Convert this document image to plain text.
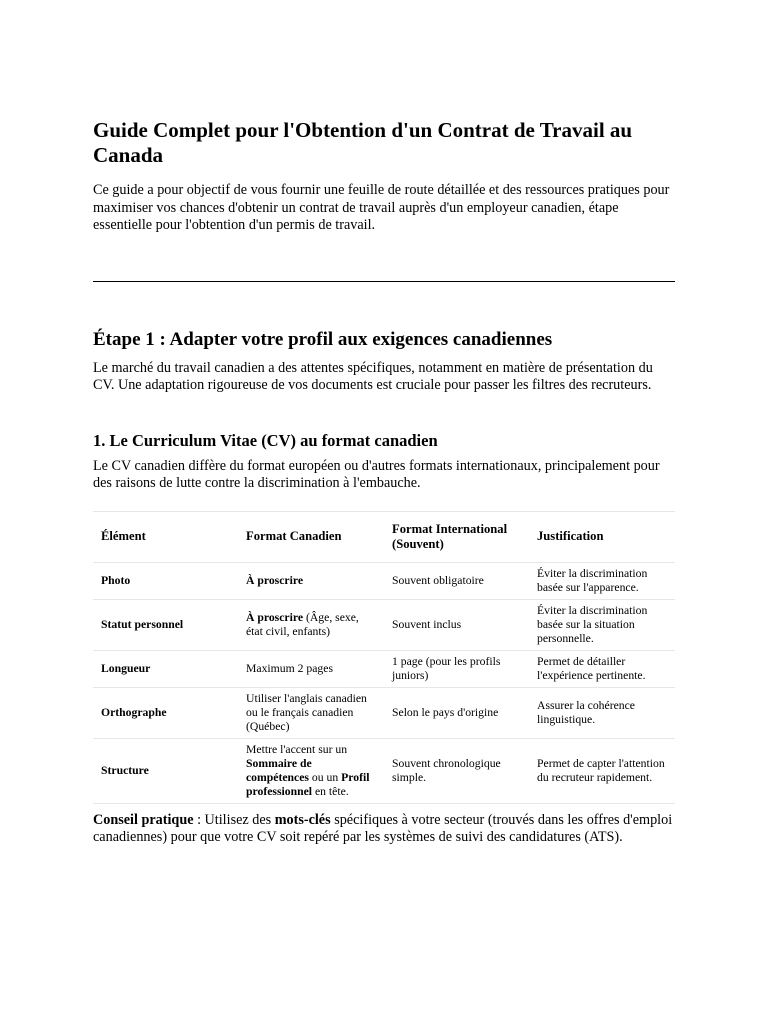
Guide Complet pour l'Obtention d'un Contrat de Travail au Canada

Ce guide a pour objectif de vous fournir une feuille de route détaillée et des ressources pratiques pour maximiser vos chances d'obtenir un contrat de travail auprès d'un employeur canadien, étape essentielle pour l'obtention d'un permis de travail.

Étape 1 : Adapter votre profil aux exigences canadiennes

Le marché du travail canadien a des attentes spécifiques, notamment en matière de présentation du CV. Une adaptation rigoureuse de vos documents est cruciale pour passer les filtres des recruteurs.

1. Le Curriculum Vitae (CV) au format canadien

Le CV canadien diffère du format européen ou d'autres formats internationaux, principalement pour des raisons de lutte contre la discrimination à l'embauche.

Élément	Format Canadien	Format International (Souvent)	Justification
Photo	À proscrire	Souvent obligatoire	Éviter la discrimination basée sur l'apparence.
Statut personnel	À proscrire (Âge, sexe, état civil, enfants)	Souvent inclus	Éviter la discrimination basée sur la situation personnelle.
Longueur	Maximum 2 pages	1 page (pour les profils juniors)	Permet de détailler l'expérience pertinente.
Orthographe	Utiliser l'anglais canadien ou le français canadien (Québec)	Selon le pays d'origine	Assurer la cohérence linguistique.
Structure	Mettre l'accent sur un Sommaire de compétences ou un Profil professionnel en tête.	Souvent chronologique simple.	Permet de capter l'attention du recruteur rapidement.

Conseil pratique : Utilisez des mots-clés spécifiques à votre secteur (trouvés dans les offres d'emploi canadiennes) pour que votre CV soit repéré par les systèmes de suivi des candidatures (ATS).
